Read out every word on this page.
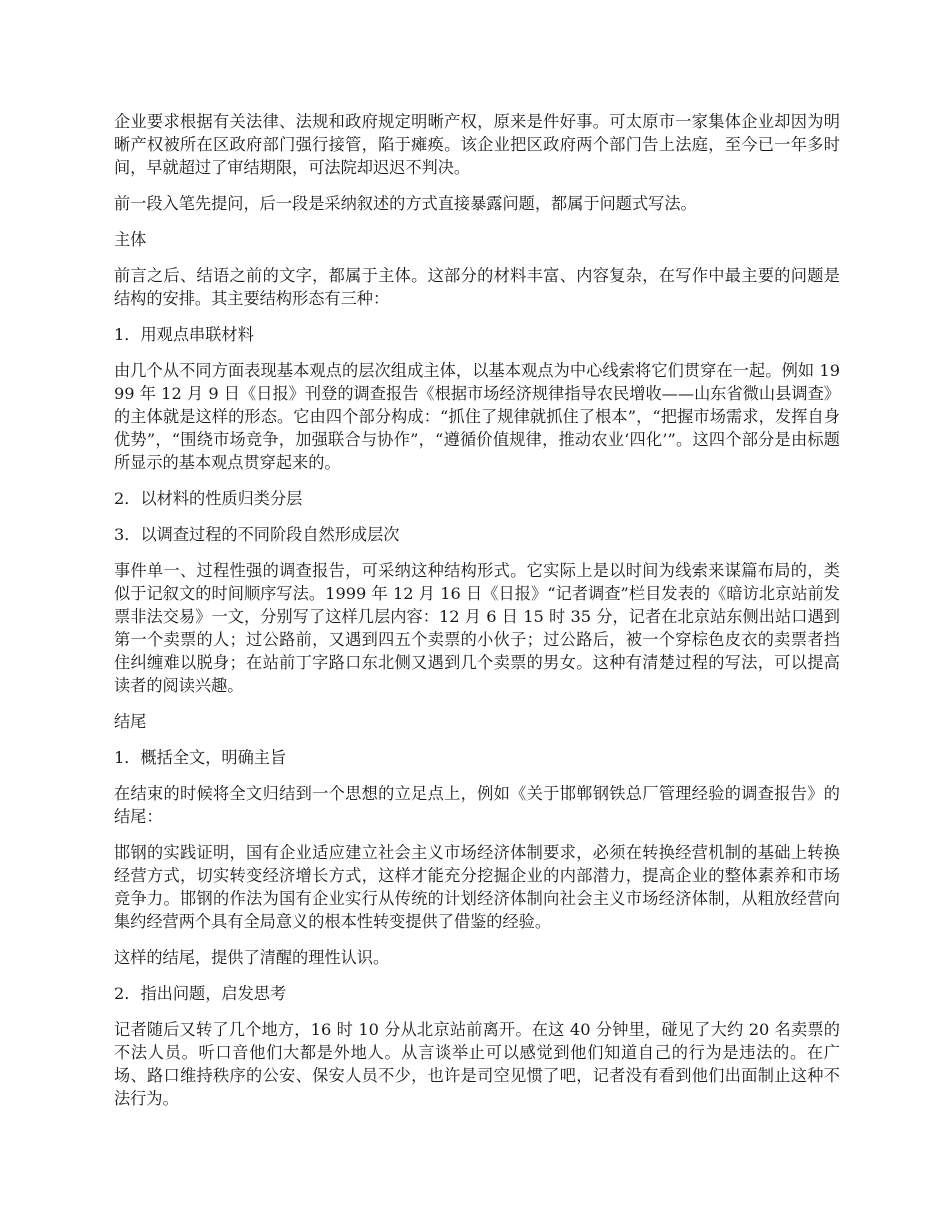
企业要求根据有关法律、法规和政府规定明晰产权，原来是件好事。可太原市一家集体企业却因为明晰产权被所在区政府部门强行接管，陷于瘫痪。该企业把区政府两个部门告上法庭，至今已一年多时间，早就超过了审结期限，可法院却迟迟不判决。

前一段入笔先提问，后一段是采纳叙述的方式直接暴露问题，都属于问题式写法。

主体

前言之后、结语之前的文字，都属于主体。这部分的材料丰富、内容复杂，在写作中最主要的问题是结构的安排。其主要结构形态有三种：

1．用观点串联材料

由几个从不同方面表现基本观点的层次组成主体，以基本观点为中心线索将它们贯穿在一起。例如 1999 年 12 月 9 日《日报》刊登的调查报告《根据市场经济规律指导农民增收——山东省微山县调查》的主体就是这样的形态。它由四个部分构成：“抓住了规律就抓住了根本”，“把握市场需求，发挥自身优势”，“围绕市场竞争，加强联合与协作”，“遵循价值规律，推动农业‘四化’”。这四个部分是由标题所显示的基本观点贯穿起来的。

2．以材料的性质归类分层

3．以调查过程的不同阶段自然形成层次

事件单一、过程性强的调查报告，可采纳这种结构形式。它实际上是以时间为线索来谋篇布局的，类似于记叙文的时间顺序写法。1999 年 12 月 16 日《日报》“记者调查”栏目发表的《暗访北京站前发票非法交易》一文，分别写了这样几层内容：12 月 6 日 15 时 35 分，记者在北京站东侧出站口遇到第一个卖票的人；过公路前，又遇到四五个卖票的小伙子；过公路后，被一个穿棕色皮衣的卖票者挡住纠缠难以脱身；在站前丁字路口东北侧又遇到几个卖票的男女。这种有清楚过程的写法，可以提高读者的阅读兴趣。

结尾

1．概括全文，明确主旨

在结束的时候将全文归结到一个思想的立足点上，例如《关于邯郸钢铁总厂管理经验的调查报告》的结尾：

邯钢的实践证明，国有企业适应建立社会主义市场经济体制要求，必须在转换经营机制的基础上转换经营方式，切实转变经济增长方式，这样才能充分挖掘企业的内部潜力，提高企业的整体素养和市场竞争力。邯钢的作法为国有企业实行从传统的计划经济体制向社会主义市场经济体制，从粗放经营向集约经营两个具有全局意义的根本性转变提供了借鉴的经验。

这样的结尾，提供了清醒的理性认识。

2．指出问题，启发思考

记者随后又转了几个地方，16 时 10 分从北京站前离开。在这 40 分钟里，碰见了大约 20 名卖票的不法人员。听口音他们大都是外地人。从言谈举止可以感觉到他们知道自己的行为是违法的。在广场、路口维持秩序的公安、保安人员不少，也许是司空见惯了吧，记者没有看到他们出面制止这种不法行为。
